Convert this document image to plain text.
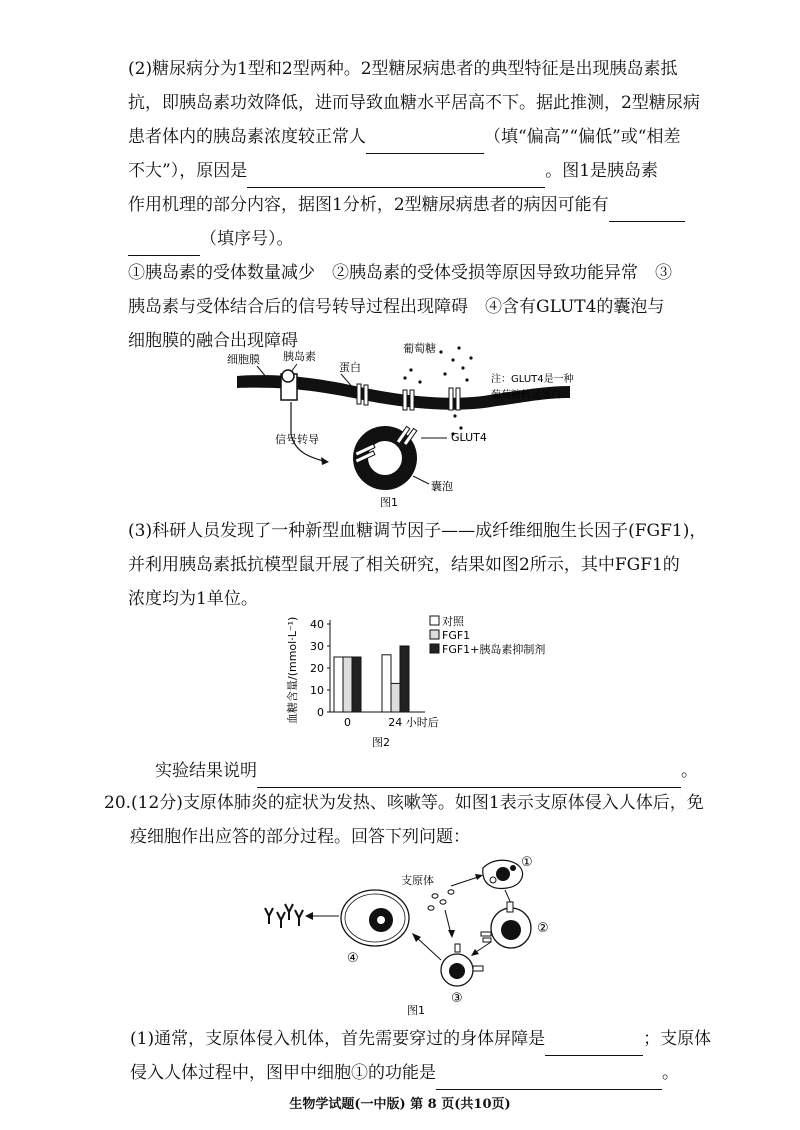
(2)糖尿病分为1型和2型两种。2型糖尿病患者的典型特征是出现胰岛素抵
抗，即胰岛素功效降低，进而导致血糖水平居高不下。据此推测，2型糖尿病
患者体内的胰岛素浓度较正常人	（填“偏高”“偏低”或“相差
不大”），原因是	。图1是胰岛素
作用机理的部分内容，据图1分析，2型糖尿病患者的病因可能有
（填序号）。
①胰岛素的受体数量减少　②胰岛素的受体受损等原因导致功能异常　③
胰岛素与受体结合后的信号转导过程出现障碍　④含有GLUT4的囊泡与
细胞膜的融合出现障碍
细胞膜 胰岛素
蛋白
葡萄糖
注：GLUT4是一种
葡萄糖转运蛋白
信号转导	GLUT4
囊泡
图1
(3)科研人员发现了一种新型血糖调节因子——成纤维细胞生长因子(FGF1)，
并利用胰岛素抵抗模型鼠开展了相关研究，结果如图2所示，其中FGF1的
浓度均为1单位。
血糖含量/(mmol·L⁻¹) 0
10
20
30
40
0	24 小时后
对照
FGF1
FGF1+胰岛素抑制剂
图2
实验结果说明	。
20.(12分)支原体肺炎的症状为发热、咳嗽等。如图1表示支原体侵入人体后，免
疫细胞作出应答的部分过程。回答下列问题：
支原体
①
②
③
④
图1
(1)通常，支原体侵入机体，首先需要穿过的身体屏障是	；支原体
侵入人体过程中，图甲中细胞①的功能是	。
生物学试题(一中版) 第 8 页(共10页)
